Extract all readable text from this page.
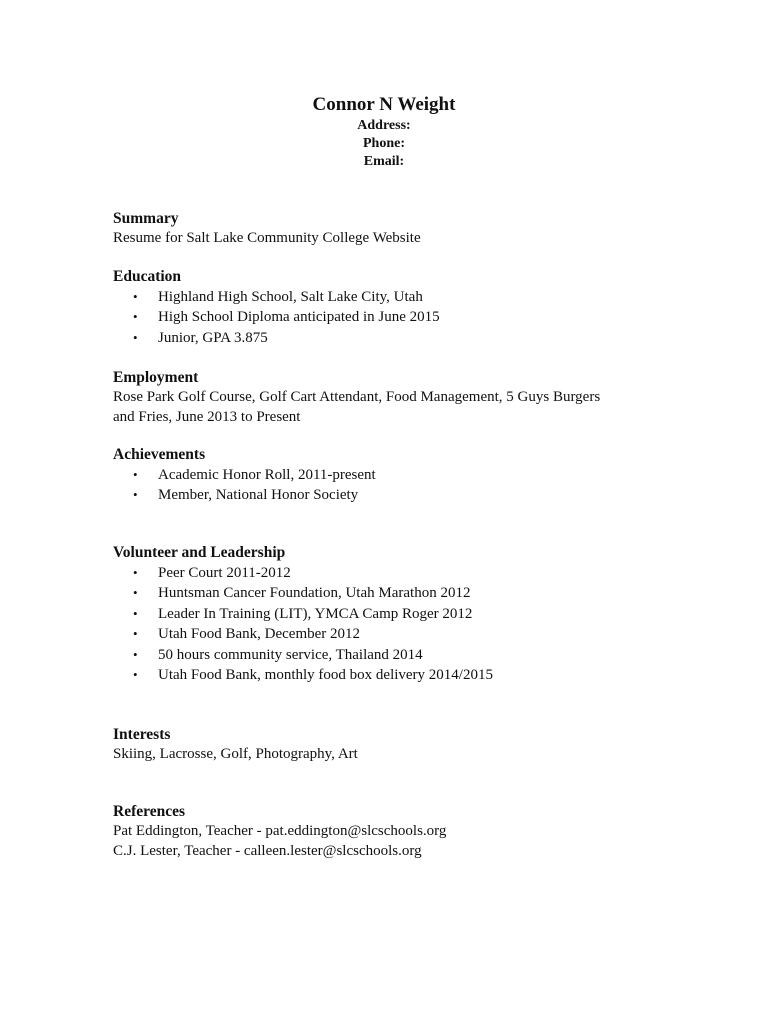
Connor N Weight
Address:
Phone:
Email:
Summary
Resume for Salt Lake Community College Website
Education
• Highland High School, Salt Lake City, Utah
• High School Diploma anticipated in June 2015
• Junior, GPA 3.875
Employment
Rose Park Golf Course, Golf Cart Attendant, Food Management, 5 Guys Burgers
and Fries, June 2013 to Present
Achievements
• Academic Honor Roll, 2011-present
• Member, National Honor Society
Volunteer and Leadership
• Peer Court 2011-2012
• Huntsman Cancer Foundation, Utah Marathon 2012
• Leader In Training (LIT), YMCA Camp Roger 2012
• Utah Food Bank, December 2012
• 50 hours community service, Thailand 2014
• Utah Food Bank, monthly food box delivery 2014/2015
Interests
Skiing, Lacrosse, Golf, Photography, Art
References
Pat Eddington, Teacher - pat.eddington@slcschools.org
C.J. Lester, Teacher - calleen.lester@slcschools.org
